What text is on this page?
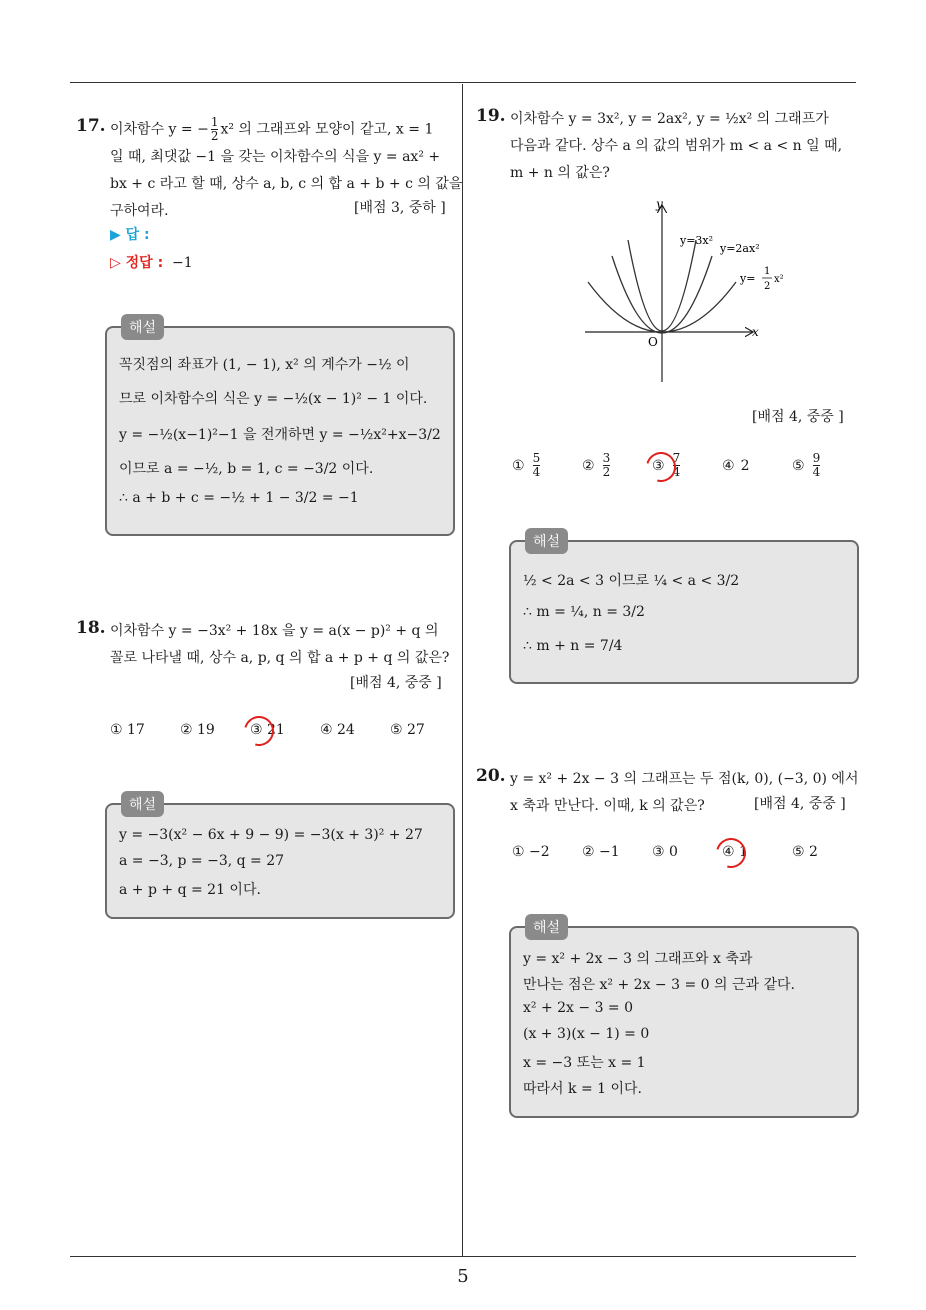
17. 이차함수 y = − $\frac{1}{2} x^2$ 의 그래프와 모양이 같고, x = 1
일 때, 최댓값 −1 을 갖는 이차함수의 식을 y = ax² +
bx + c 라고 할 때, 상수 a, b, c 의 합 a + b + c 의 값을
구하여라.	[배점 3, 중하 ]
▶ 답 :
▷ 정답 : −1
해설
꼭짓점의 좌표가 (1, − 1), x² 의 계수가 −½ 이
므로 이차함수의 식은 y = −½(x − 1)² − 1 이다.
y = −½(x−1)²−1 을 전개하면 y = −½x²+x−3/2
이므로 a = −½, b = 1, c = −3/2 이다.
∴ a + b + c = −½ + 1 − 3/2 = −1
18. 이차함수 y = −3x² + 18x 을 y = a(x − p)² + q 의
꼴로 나타낼 때, 상수 a, p, q 의 합 a + p + q 의 값은?
[배점 4, 중중 ]
① 17	② 19	③ 21	④ 24	⑤ 27
해설
y = −3(x² − 6x + 9 − 9) = −3(x + 3)² + 27
a = −3, p = −3, q = 27
a + p + q = 21 이다.
19. 이차함수 y = 3x², y = 2ax², y = ½x² 의 그래프가
다음과 같다. 상수 a 의 값의 범위가 m < a < n 일 때,
m + n 의 값은?
y
x
O
y=3x²
y=2ax²
y=
1
2
x²
[배점 4, 중중 ]
① $\frac{5}{4}$	② $\frac{3}{2}$	③ $\frac{7}{4}$	④ 2	⑤ $\frac{9}{4}$
해설
½ < 2a < 3 이므로 ¼ < a < 3/2
∴ m = ¼, n = 3/2
∴ m + n = 7/4
20. y = x² + 2x − 3 의 그래프는 두 점(k, 0), (−3, 0) 에서
x 축과 만난다. 이때, k 의 값은?	[배점 4, 중중 ]
① −2 ② −1 ③ 0	④ 1	⑤ 2
해설
y = x² + 2x − 3 의 그래프와 x 축과
만나는 점은 x² + 2x − 3 = 0 의 근과 같다.
x² + 2x − 3 = 0
(x + 3)(x − 1) = 0
x = −3 또는 x = 1
따라서 k = 1 이다.
5
